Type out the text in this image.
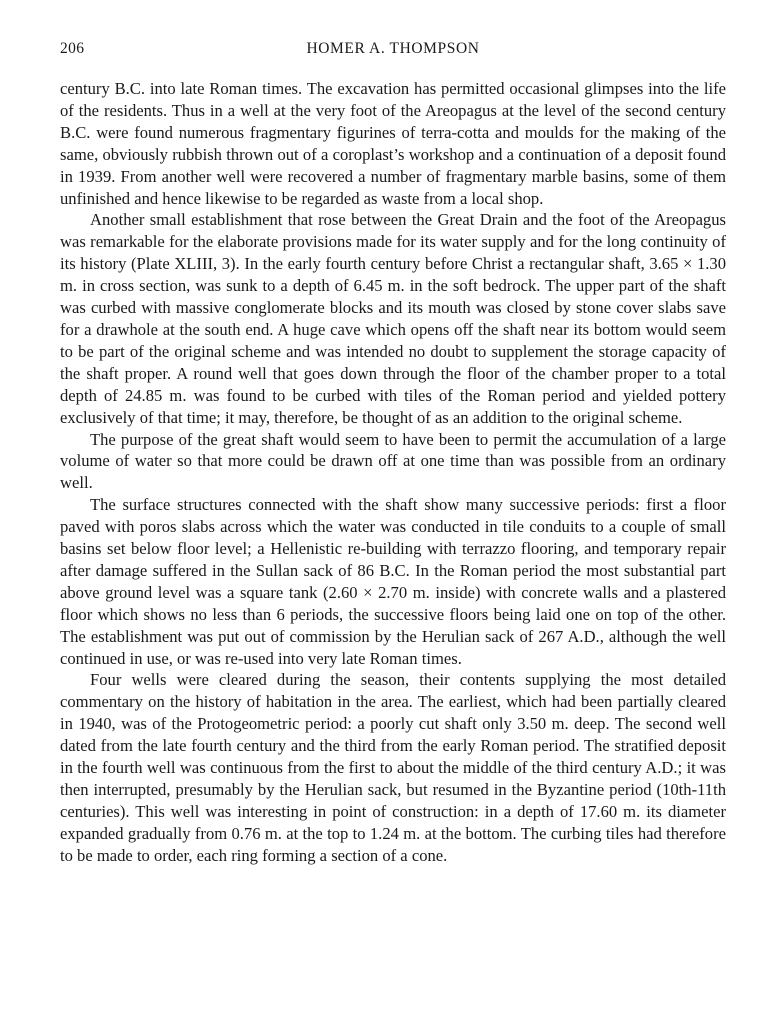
206	HOMER A. THOMPSON

century B.C. into late Roman times. The excavation has permitted occasional glimpses into the life of the residents. Thus in a well at the very foot of the Areopagus at the level of the second century B.C. were found numerous fragmentary figurines of terra-cotta and moulds for the making of the same, obviously rubbish thrown out of a coroplast’s workshop and a continuation of a deposit found in 1939. From another well were recovered a number of fragmentary marble basins, some of them unfinished and hence likewise to be regarded as waste from a local shop.

Another small establishment that rose between the Great Drain and the foot of the Areopagus was remarkable for the elaborate provisions made for its water supply and for the long continuity of its history (Plate XLIII, 3). In the early fourth century before Christ a rectangular shaft, 3.65 × 1.30 m. in cross section, was sunk to a depth of 6.45 m. in the soft bedrock. The upper part of the shaft was curbed with massive conglomerate blocks and its mouth was closed by stone cover slabs save for a drawhole at the south end. A huge cave which opens off the shaft near its bottom would seem to be part of the original scheme and was intended no doubt to supplement the storage capacity of the shaft proper. A round well that goes down through the floor of the chamber proper to a total depth of 24.85 m. was found to be curbed with tiles of the Roman period and yielded pottery exclusively of that time; it may, therefore, be thought of as an addition to the original scheme.

The purpose of the great shaft would seem to have been to permit the accumulation of a large volume of water so that more could be drawn off at one time than was possible from an ordinary well.

The surface structures connected with the shaft show many successive periods: first a floor paved with poros slabs across which the water was conducted in tile conduits to a couple of small basins set below floor level; a Hellenistic re-building with terrazzo flooring, and temporary repair after damage suffered in the Sullan sack of 86 B.C. In the Roman period the most substantial part above ground level was a square tank (2.60 × 2.70 m. inside) with concrete walls and a plastered floor which shows no less than 6 periods, the successive floors being laid one on top of the other. The establishment was put out of commission by the Herulian sack of 267 A.D., although the well continued in use, or was re-used into very late Roman times.

Four wells were cleared during the season, their contents supplying the most detailed commentary on the history of habitation in the area. The earliest, which had been partially cleared in 1940, was of the Protogeometric period: a poorly cut shaft only 3.50 m. deep. The second well dated from the late fourth century and the third from the early Roman period. The stratified deposit in the fourth well was continuous from the first to about the middle of the third century A.D.; it was then interrupted, presumably by the Herulian sack, but resumed in the Byzantine period (10th-11th centuries). This well was interesting in point of construction: in a depth of 17.60 m. its diameter expanded gradually from 0.76 m. at the top to 1.24 m. at the bottom. The curbing tiles had therefore to be made to order, each ring forming a section of a cone.
